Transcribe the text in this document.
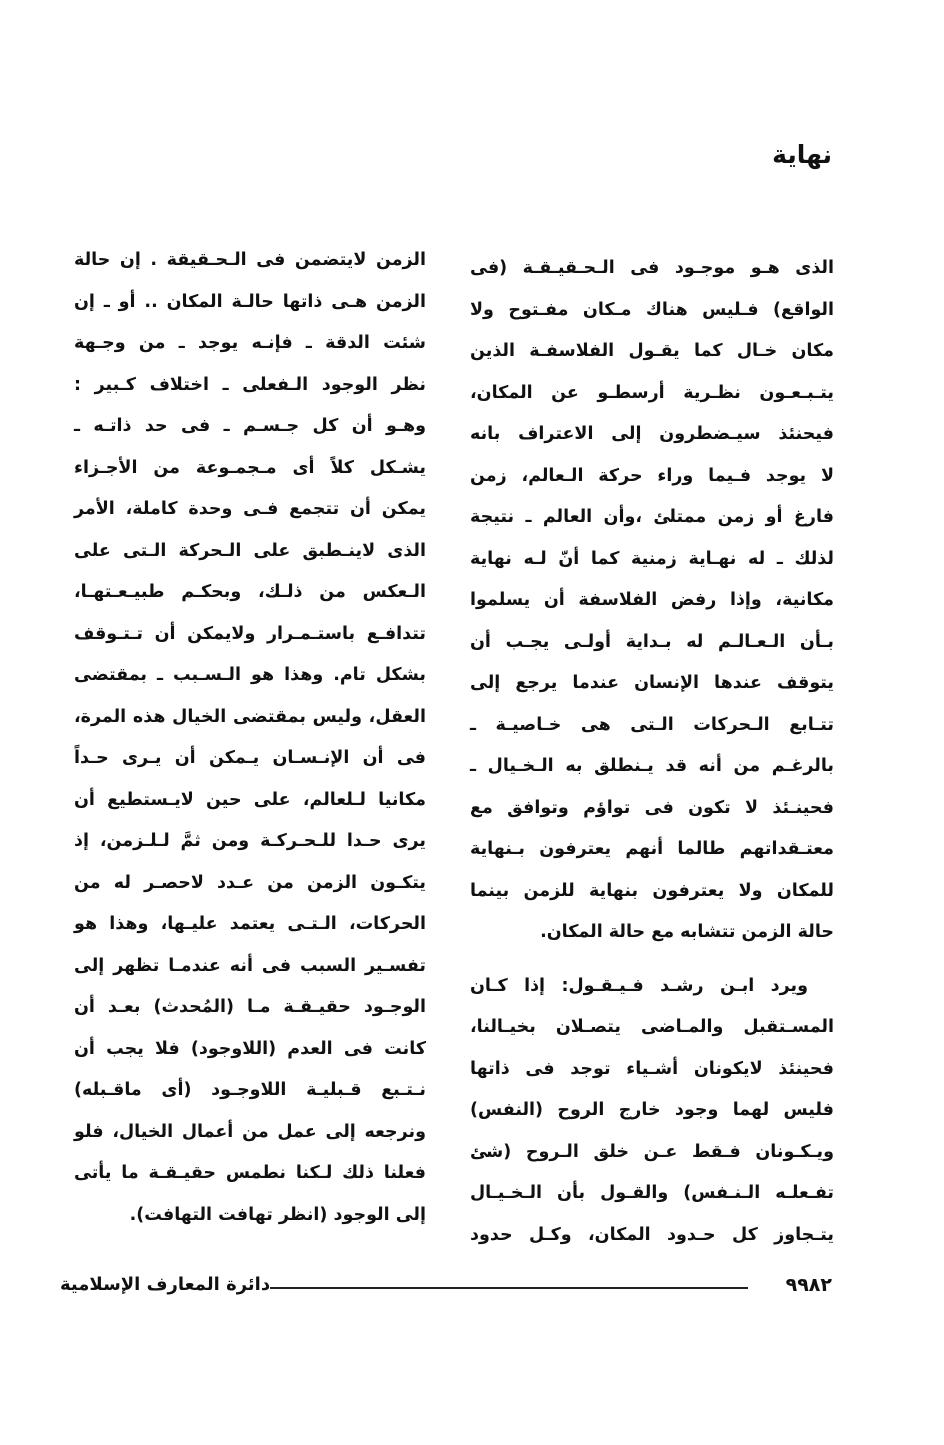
نهاية
الذى هـو موجـود فى الـحـقيـقـة (فى
الواقع) فـليس هناك مـكان مفـتوح ولا
مكان خـال كما يقـول الفلاسفـة الذين
يتـبـعـون نظـرية أرسطـو عن المكان،
فيحنئذ سيـضطرون إلى الاعتراف بانه
لا يوجد فـيما وراء حركة الـعالم، زمن
فارغ أو زمن ممتلئ ،وأن العالم ـ نتيجة
لذلك ـ له نهـاية زمنية كما أنّ لـه نهاية
مكانية، وإذا رفض الفلاسفة أن يسلموا
بـأن الـعـالـم له بـداية أولـى يجـب أن
يتوقف عندها الإنسان عندما يرجع إلى
تتـابع الـحركات الـتى هى خـاصيـة ـ
بالرغـم من أنه قد يـنطلق به الـخـيال ـ
فحينـئذ لا تكون فى تواؤم وتوافق مع
معتـقداتهم طالما أنهم يعترفون بـنهاية
للمكان ولا يعترفون بنهاية للزمن بينما
حالة الزمن تتشابه مع حالة المكان.
ويرد ابـن رشـد فـيـقـول: إذا كـان
المسـتقبل والمـاضى يتصـلان بخيـالنا،
فحينئذ لايكونان أشـياء توجد فى ذاتها
فليس لهما وجود خارج الروح (النفس)
ويـكـونان فـقط عـن خلق الـروح (شئ
تفـعلـه الـنـفس) والقـول بأن الـخـيـال
يتـجاوز كل حـدود المكان، وكـل حدود
الزمن لايتضمن فى الـحـقيقة . إن حالة
الزمن هـى ذاتها حالـة المكان .. أو ـ إن
شئت الدقة ـ فإنـه يوجد ـ من وجـهة
نظر الوجود الـفعلى ـ اختلاف كـبير :
وهـو أن كل جـسـم ـ فى حد ذاتـه ـ
يشـكل كلاً أى مـجمـوعة من الأجـزاء
يمكن أن تتجمع فـى وحدة كاملة، الأمر
الذى لاينـطبق على الـحركة الـتى على
الـعكس من ذلـك، وبحكـم طبيـعـتهـا،
تتدافـع باستـمـرار ولايمكن أن تـتـوقف
بشكل تام. وهذا هو الـسـبب ـ بمقتضى
العقل، وليس بمقتضى الخيال هذه المرة،
فى أن الإنـسـان يـمكن أن يـرى حـداً
مكانيا لـلعالم، على حين لايـستطيع أن
يرى حـدا للـحـركـة ومن ثمَّ لـلـزمن، إذ
يتكـون الزمن من عـدد لاحصـر له من
الحركات، الـتـى يعتمد عليـها، وهذا هو
تفسـير السبب فى أنه عندمـا تظهر إلى
الوجـود حقيـقـة مـا (المُحدث) بعـد أن
كانت فى العدم (اللاوجود) فلا يجب أن
نـتـبع قـبليـة اللاوجـود (أى ماقـبله)
ونرجعه إلى عمل من أعمال الخيال، فلو
فعلنا ذلك لـكنا نطمس حقيـقـة ما يأتى
إلى الوجود (انظر تهافت التهافت).
٩٩٨٢
دائرة المعارف الإسلامية
